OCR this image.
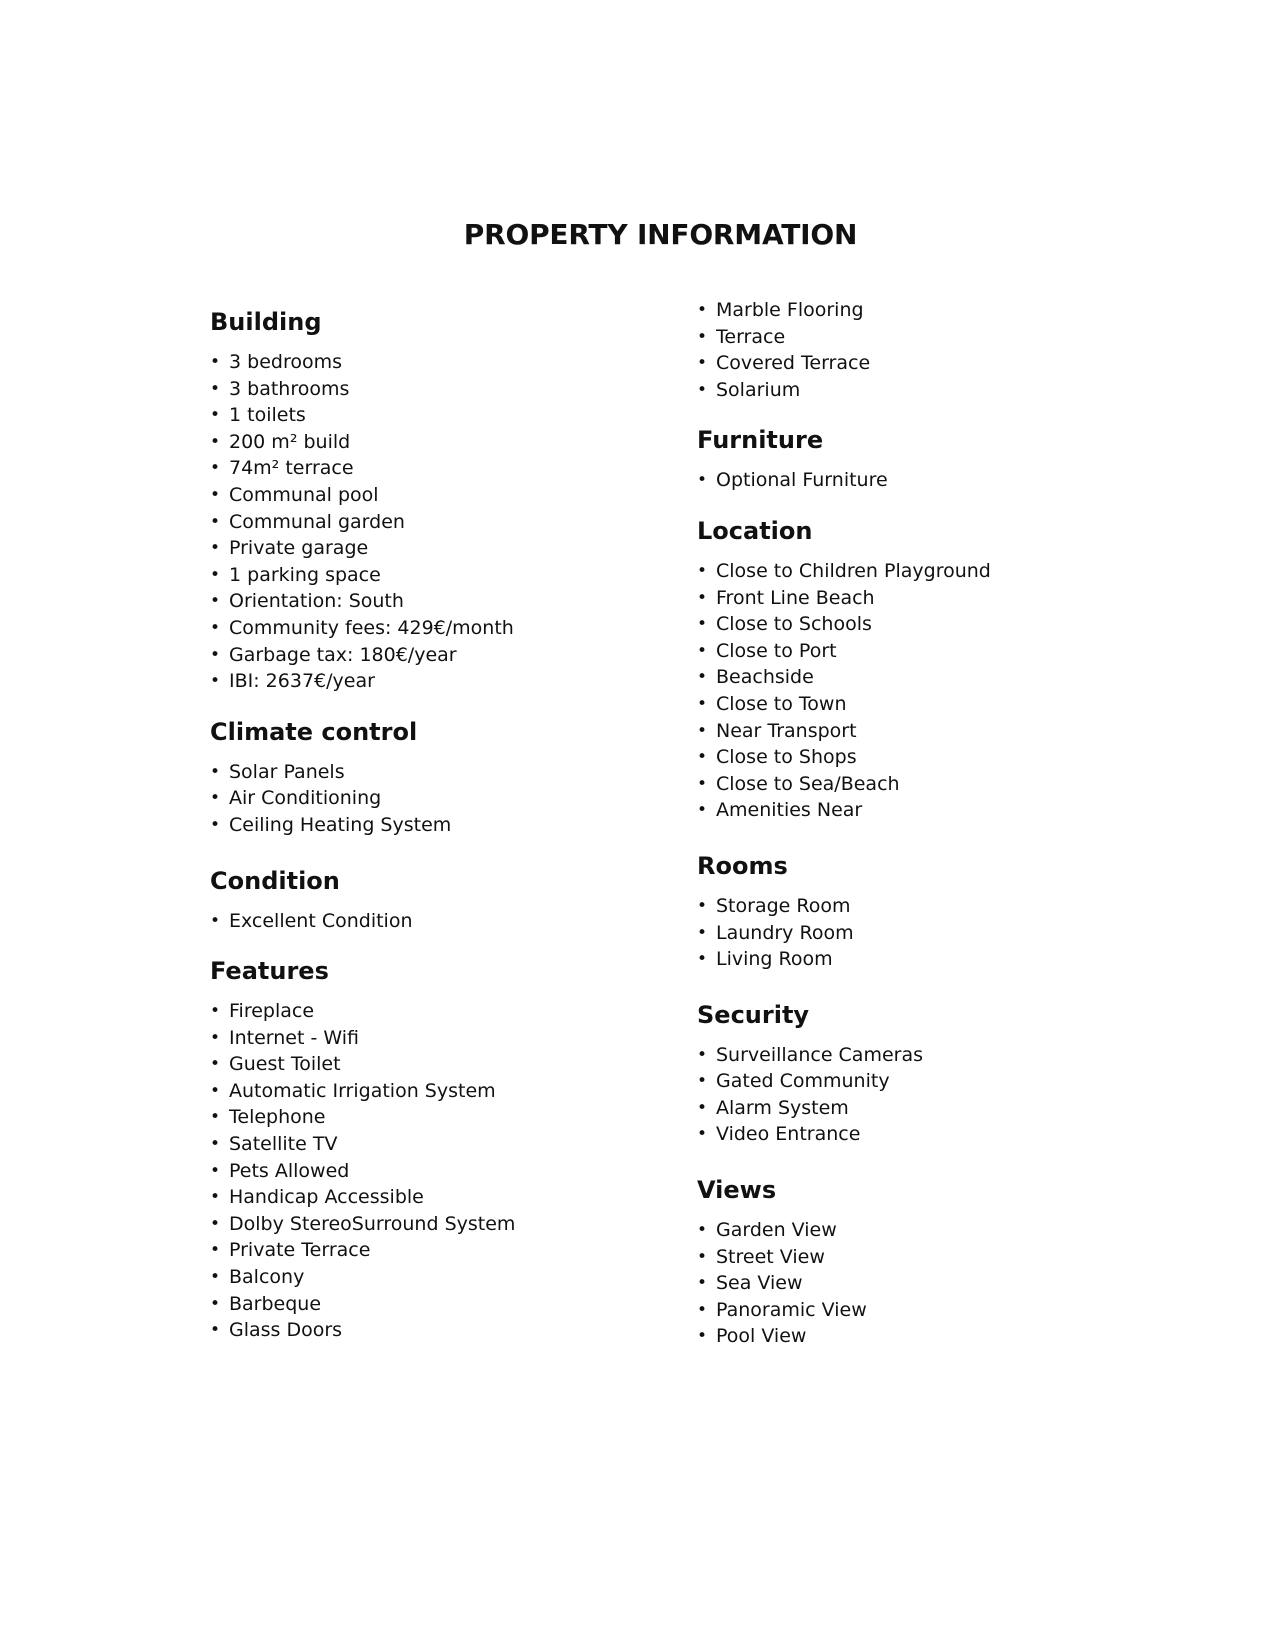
PROPERTY INFORMATION
Building
• 3 bedrooms
• 3 bathrooms
• 1 toilets
• 200 m² build
• 74m² terrace
• Communal pool
• Communal garden
• Private garage
• 1 parking space
• Orientation: South
• Community fees: 429€/month
• Garbage tax: 180€/year
• IBI: 2637€/year
Climate control
• Solar Panels
• Air Conditioning
• Ceiling Heating System
Condition
• Excellent Condition
Features
• Fireplace
• Internet - Wifi
• Guest Toilet
• Automatic Irrigation System
• Telephone
• Satellite TV
• Pets Allowed
• Handicap Accessible
• Dolby StereoSurround System
• Private Terrace
• Balcony
• Barbeque
• Glass Doors
• Marble Flooring
• Terrace
• Covered Terrace
• Solarium
Furniture
• Optional Furniture
Location
• Close to Children Playground
• Front Line Beach
• Close to Schools
• Close to Port
• Beachside
• Close to Town
• Near Transport
• Close to Shops
• Close to Sea/Beach
• Amenities Near
Rooms
• Storage Room
• Laundry Room
• Living Room
Security
• Surveillance Cameras
• Gated Community
• Alarm System
• Video Entrance
Views
• Garden View
• Street View
• Sea View
• Panoramic View
• Pool View
